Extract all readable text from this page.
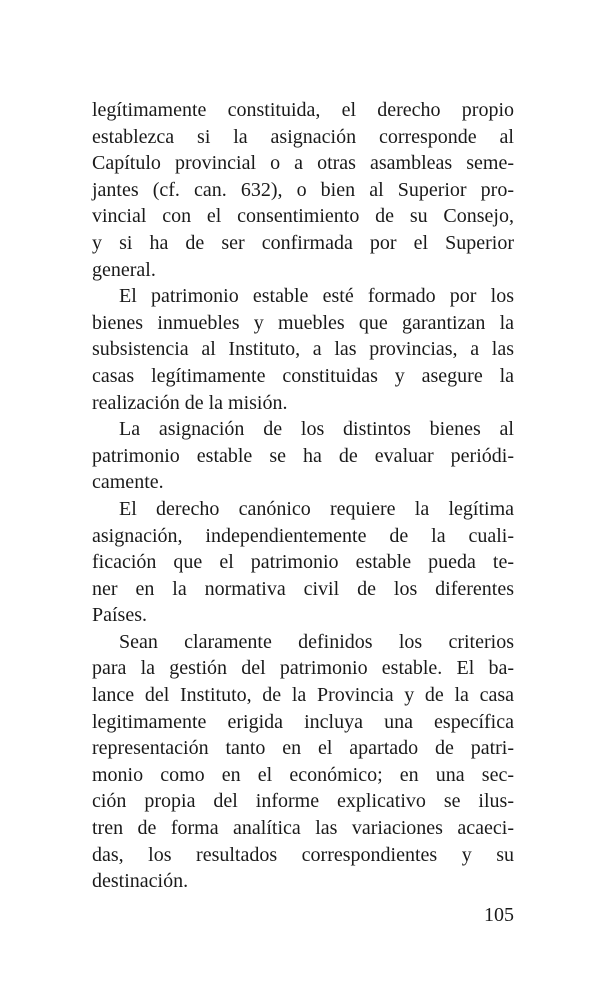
legítimamente constituida, el derecho propio
establezca si la asignación corresponde al
Capítulo provincial o a otras asambleas seme-
jantes (cf. can. 632), o bien al Superior pro-
vincial con el consentimiento de su Consejo,
y si ha de ser confirmada por el Superior
general.

El patrimonio estable esté formado por los
bienes inmuebles y muebles que garantizan la
subsistencia al Instituto, a las provincias, a las
casas legítimamente constituidas y asegure la
realización de la misión.

La asignación de los distintos bienes al
patrimonio estable se ha de evaluar periódi-
camente.

El derecho canónico requiere la legítima
asignación, independientemente de la cuali-
ficación que el patrimonio estable pueda te-
ner en la normativa civil de los diferentes
Países.

Sean claramente definidos los criterios
para la gestión del patrimonio estable. El ba-
lance del Instituto, de la Provincia y de la casa
legitimamente erigida incluya una específica
representación tanto en el apartado de patri-
monio como en el económico; en una sec-
ción propia del informe explicativo se ilus-
tren de forma analítica las variaciones acaeci-
das, los resultados correspondientes y su
destinación.

105
